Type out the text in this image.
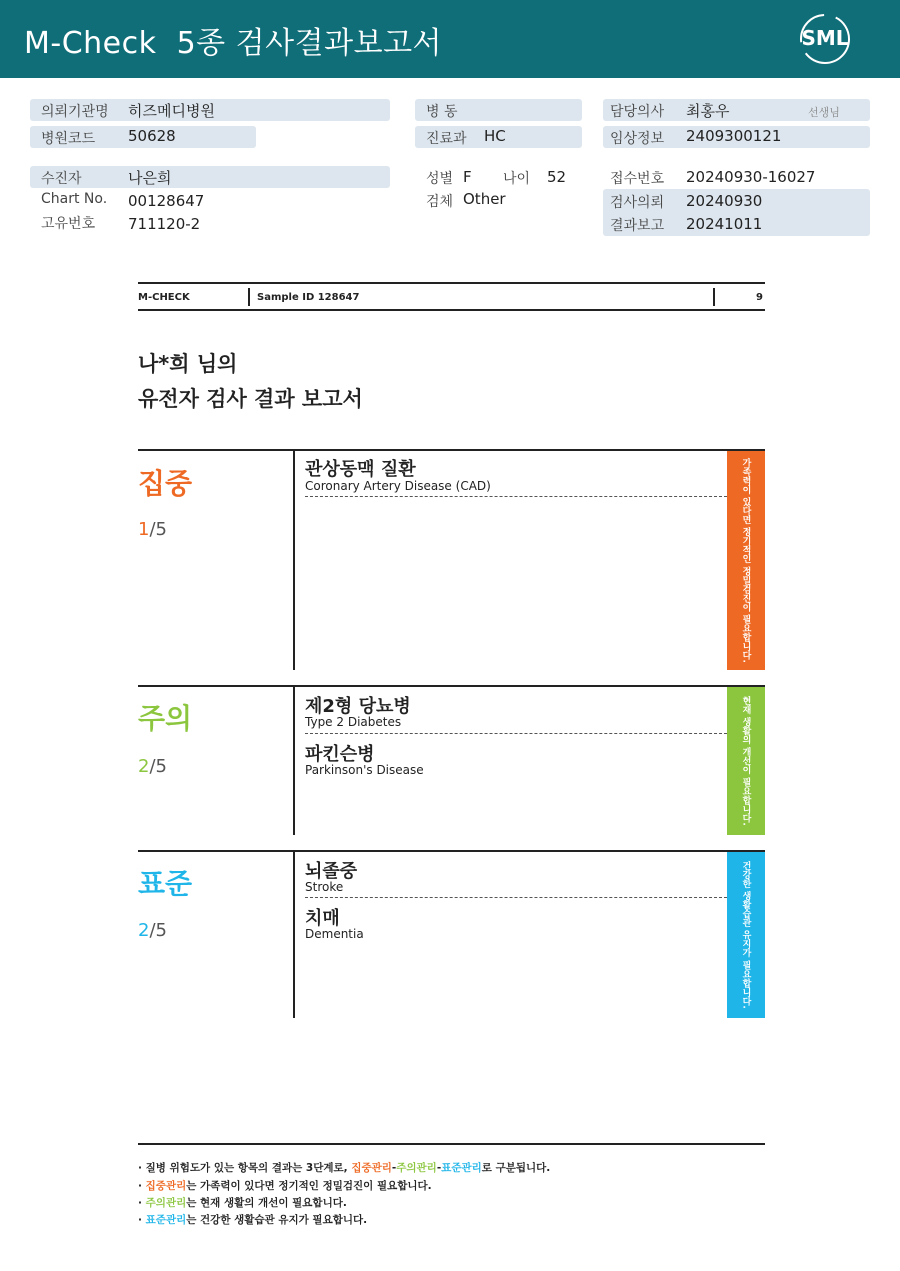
M-Check  5종 검사결과보고서	SML
의뢰기관명 히즈메디병원
병원코드 50628
병 동
진료과 HC
담당의사 최홍우	선생님
임상정보 2409300121
수진자	나은희
Chart No. 00128647
고유번호 711120-2
성별 F 나이 52
검체 Other
접수번호 20240930-16027
검사의뢰 20240930
결과보고 20241011
M-CHECK	Sample ID 128647	9
나*희 님의
유전자 검사 결과 보고서
집중
1/5
관상동맥 질환
Coronary Artery Disease (CAD)	가족력이 있다면 정기적인 정밀검진이 필요합니다.
주의
2/5
제2형 당뇨병
Type 2 Diabetes
파킨슨병
Parkinson's Disease	현재 생활의 개선이 필요합니다.
표준
2/5
뇌졸중
Stroke
치매
Dementia	건강한 생활습관 유지가 필요합니다.
· 질병 위험도가 있는 항목의 결과는 3단계로, 집중관리-주의관리-표준관리로 구분됩니다.
· 집중관리는 가족력이 있다면 정기적인 정밀검진이 필요합니다.
· 주의관리는 현재 생활의 개선이 필요합니다.
· 표준관리는 건강한 생활습관 유지가 필요합니다.
